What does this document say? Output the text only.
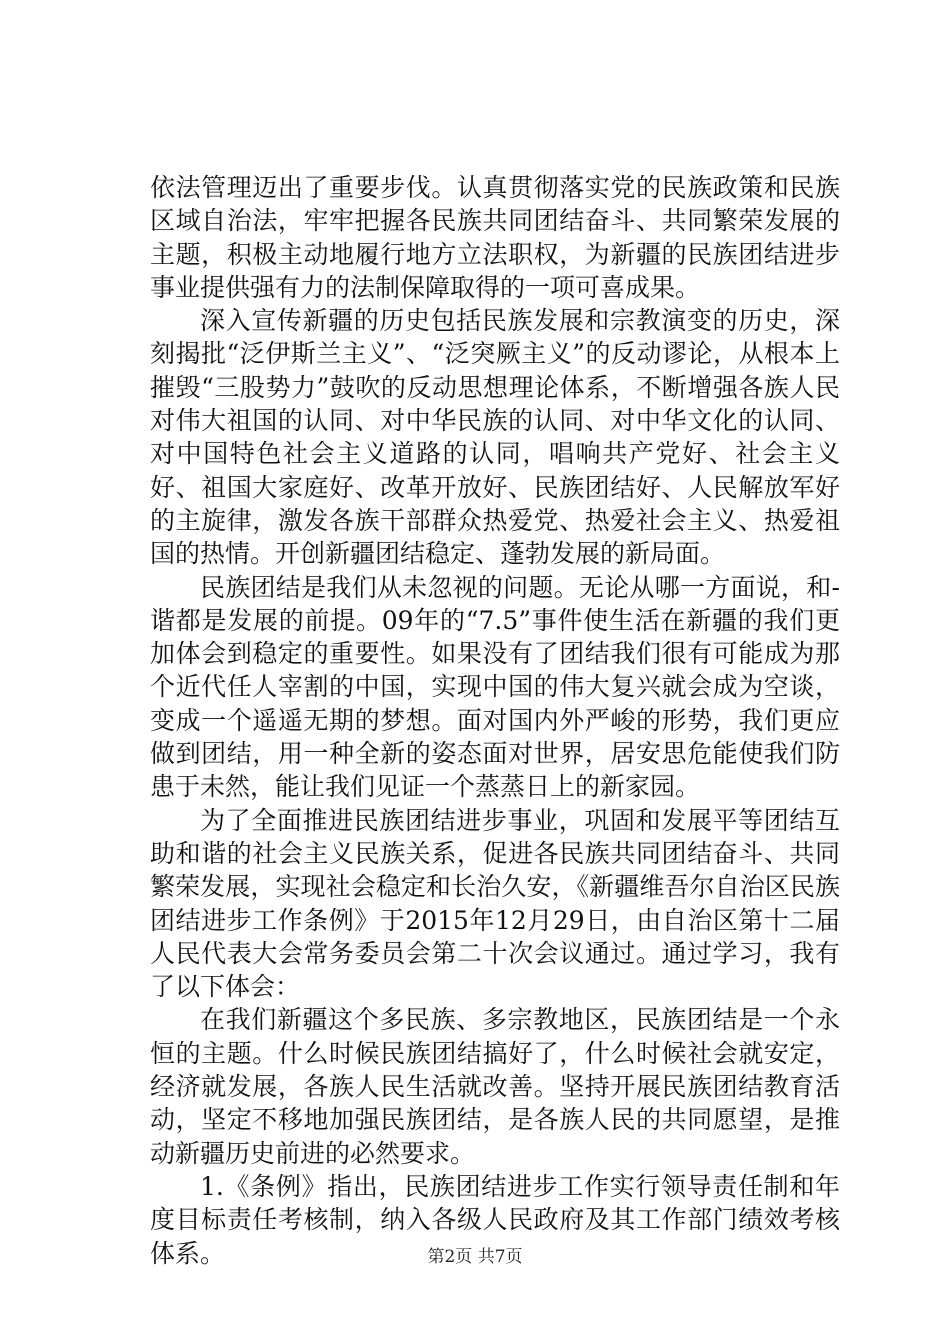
依法管理迈出了重要步伐。认真贯彻落实党的民族政策和民族区域自治法，牢牢把握各民族共同团结奋斗、共同繁荣发展的主题，积极主动地履行地方立法职权，为新疆的民族团结进步事业提供强有力的法制保障取得的一项可喜成果。

深入宣传新疆的历史包括民族发展和宗教演变的历史，深刻揭批“泛伊斯兰主义”、“泛突厥主义”的反动谬论，从根本上摧毁“三股势力”鼓吹的反动思想理论体系，不断增强各族人民对伟大祖国的认同、对中华民族的认同、对中华文化的认同、对中国特色社会主义道路的认同，唱响共产党好、社会主义好、祖国大家庭好、改革开放好、民族团结好、人民解放军好的主旋律，激发各族干部群众热爱党、热爱社会主义、热爱祖国的热情。开创新疆团结稳定、蓬勃发展的新局面。

民族团结是我们从未忽视的问题。无论从哪一方面说，和-谐都是发展的前提。09年的“7.5”事件使生活在新疆的我们更加体会到稳定的重要性。如果没有了团结我们很有可能成为那个近代任人宰割的中国，实现中国的伟大复兴就会成为空谈，变成一个遥遥无期的梦想。面对国内外严峻的形势，我们更应做到团结，用一种全新的姿态面对世界，居安思危能使我们防患于未然，能让我们见证一个蒸蒸日上的新家园。

为了全面推进民族团结进步事业，巩固和发展平等团结互助和谐的社会主义民族关系，促进各民族共同团结奋斗、共同繁荣发展，实现社会稳定和长治久安，《新疆维吾尔自治区民族团结进步工作条例》于2015年12月29日，由自治区第十二届人民代表大会常务委员会第二十次会议通过。通过学习，我有了以下体会：

在我们新疆这个多民族、多宗教地区，民族团结是一个永恒的主题。什么时候民族团结搞好了，什么时候社会就安定，经济就发展，各族人民生活就改善。坚持开展民族团结教育活动，坚定不移地加强民族团结，是各族人民的共同愿望，是推动新疆历史前进的必然要求。

1.《条例》指出，民族团结进步工作实行领导责任制和年度目标责任考核制，纳入各级人民政府及其工作部门绩效考核体系。	第2页 共7页
